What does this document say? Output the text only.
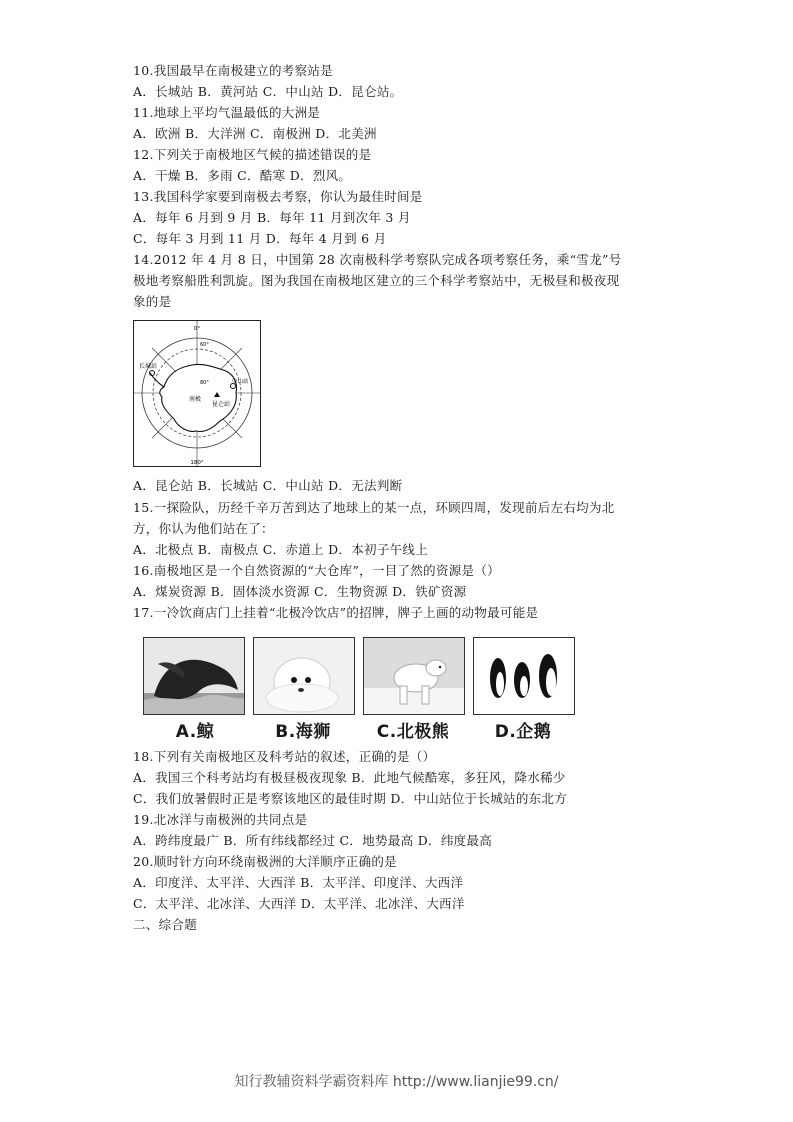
10.我国最早在南极建立的考察站是
A．长城站 B．黄河站 C．中山站 D．昆仑站。
11.地球上平均气温最低的大洲是
A．欧洲 B．大洋洲 C．南极洲 D．北美洲
12.下列关于南极地区气候的描述错误的是
A．干燥 B．多雨 C．酷寒 D．烈风。
13.我国科学家要到南极去考察，你认为最佳时间是
A．每年 6 月到 9 月 B．每年 11 月到次年 3 月
C．每年 3 月到 11 月 D．每年 4 月到 6 月
14.2012 年 4 月 8 日，中国第 28 次南极科学考察队完成各项考察任务，乘“雪龙”号
极地考察船胜利凯旋。图为我国在南极地区建立的三个科学考察站中，无极昼和极夜现
象的是
0°
180°
60°
80°
长城站
中山站
昆仑站
南极
A．昆仑站 B．长城站 C．中山站 D．无法判断
15.一探险队，历经千辛万苦到达了地球上的某一点，环顾四周，发现前后左右均为北
方，你认为他们站在了：
A．北极点 B．南极点 C．赤道上 D．本初子午线上
16.南极地区是一个自然资源的“大仓库”，一目了然的资源是（）
A．煤炭资源 B．固体淡水资源 C．生物资源 D．铁矿资源
17.一冷饮商店门上挂着“北极冷饮店”的招牌，牌子上画的动物最可能是
A.鲸	B.海狮	C.北极熊	D.企鹅
18.下列有关南极地区及科考站的叙述，正确的是（）
A．我国三个科考站均有极昼极夜现象 B．此地气候酷寒，多狂风，降水稀少
C．我们放暑假时正是考察该地区的最佳时期 D．中山站位于长城站的东北方
19.北冰洋与南极洲的共同点是
A．跨纬度最广 B．所有纬线都经过 C．地势最高 D．纬度最高
20.顺时针方向环绕南极洲的大洋顺序正确的是
A．印度洋、太平洋、大西洋 B．太平洋、印度洋、大西洋
C．太平洋、北冰洋、大西洋 D．太平洋、北冰洋、大西洋
二、综合题
知行教辅资料学霸资料库 http://www.lianjie99.cn/
